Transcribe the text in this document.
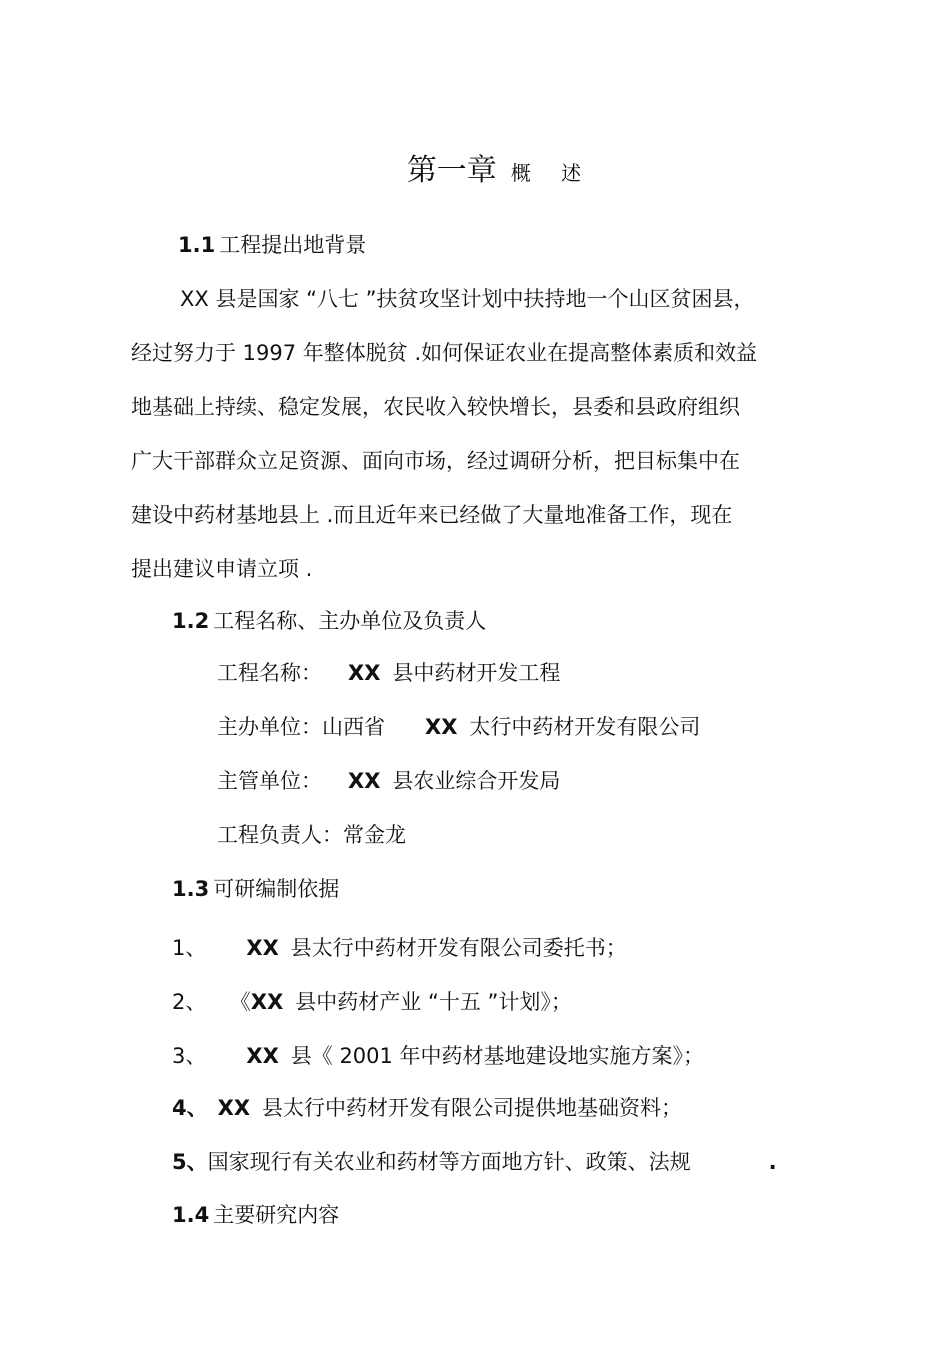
第一章 概 述
1.1 工程提出地背景
XX 县是国家 “八七 ”扶贫攻坚计划中扶持地一个山区贫困县，
经过努力于 1997 年整体脱贫 .如何保证农业在提高整体素质和效益
地基础上持续、稳定发展，农民收入较快增长，县委和县政府组织
广大干部群众立足资源、面向市场，经过调研分析，把目标集中在
建设中药材基地县上 .而且近年来已经做了大量地准备工作，现在
提出建议申请立项 .
1.2 工程名称、主办单位及负责人
工程名称： XX 县中药材开发工程
主办单位：山西省 XX 太行中药材开发有限公司
主管单位： XX 县农业综合开发局
工程负责人：常金龙
1.3 可研编制依据
1、 XX 县太行中药材开发有限公司委托书；
2、 《XX 县中药材产业 “十五 ”计划》；
3、 XX 县《 2001 年中药材基地建设地实施方案》；
4、 XX 县太行中药材开发有限公司提供地基础资料；
5、国家现行有关农业和药材等方面地方针、政策、法规	.
1.4 主要研究内容
